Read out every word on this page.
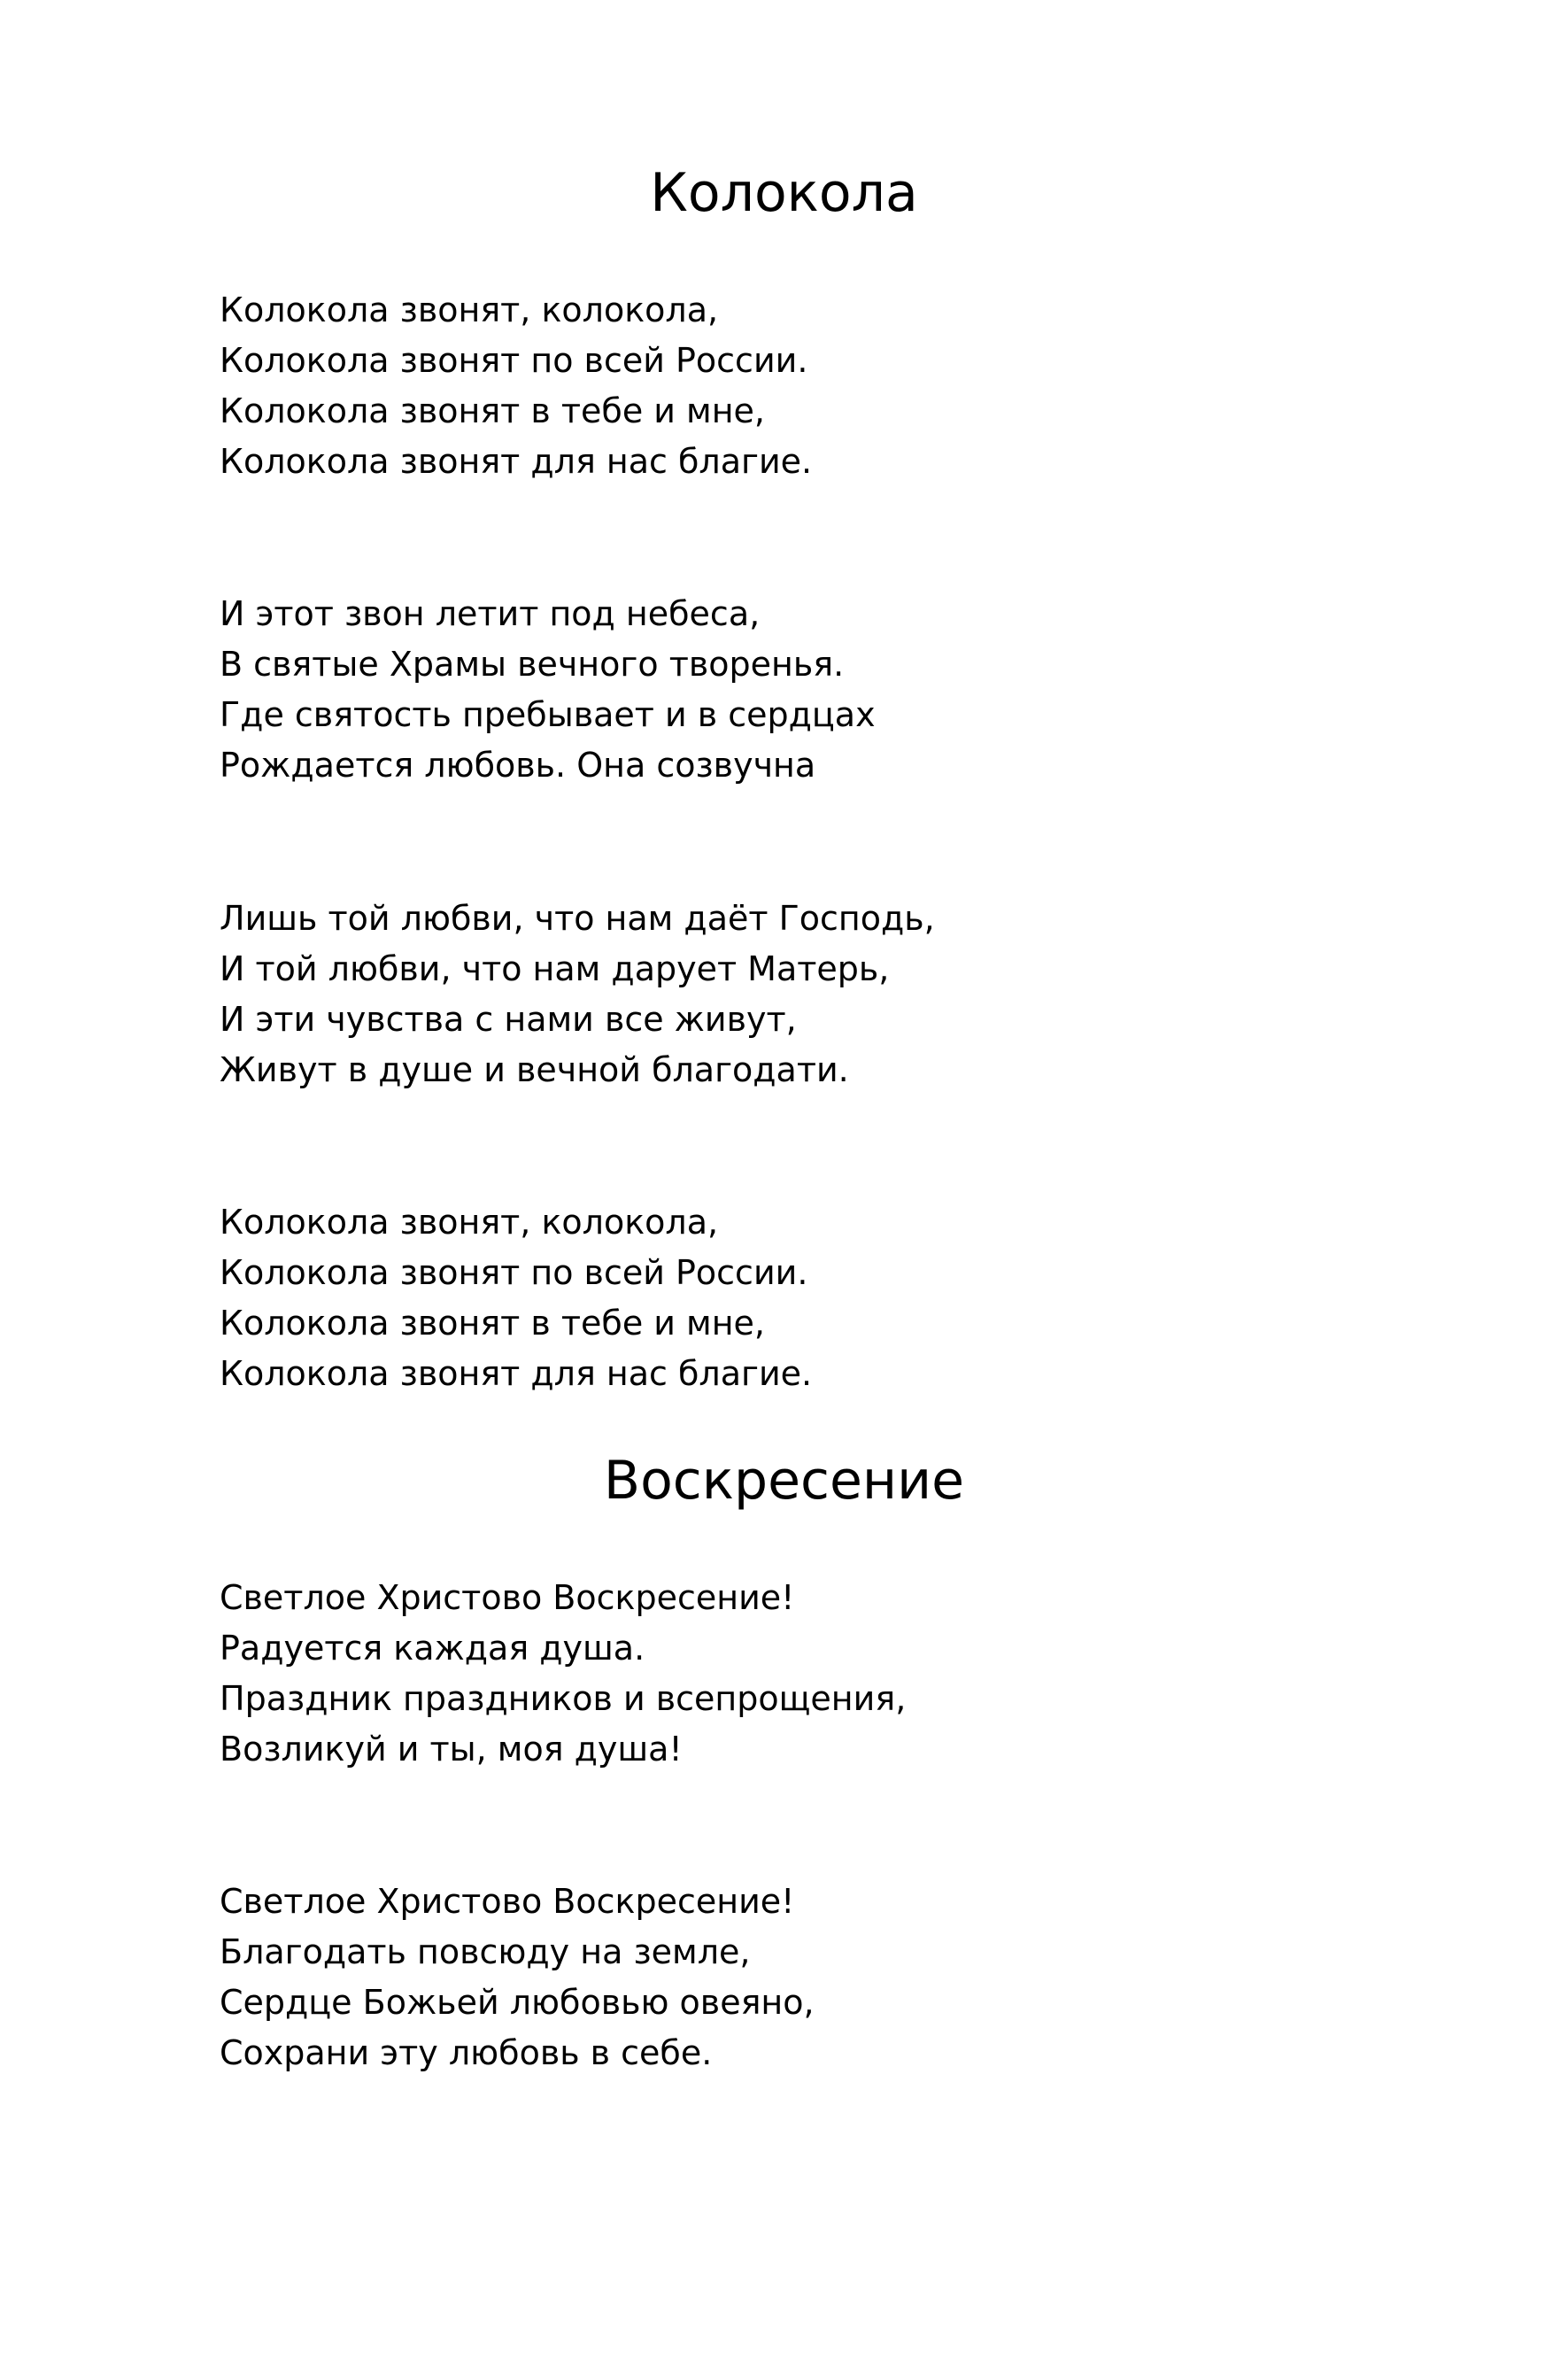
Колокола
Колокола звонят, колокола,
Колокола звонят по всей России.
Колокола звонят в тебе и мне,
Колокола звонят для нас благие.
И этот звон летит под небеса,
В святые Храмы вечного творенья.
Где святость пребывает и в сердцах
Рождается любовь. Она созвучна
Лишь той любви, что нам даёт Господь,
И той любви, что нам дарует Матерь,
И эти чувства с нами все живут,
Живут в душе и вечной благодати.
Колокола звонят, колокола,
Колокола звонят по всей России.
Колокола звонят в тебе и мне,
Колокола звонят для нас благие.
Воскресение
Светлое Христово Воскресение!
Радуется каждая душа.
Праздник праздников и всепрощения,
Возликуй и ты, моя душа!
Светлое Христово Воскресение!
Благодать повсюду на земле,
Сердце Божьей любовью овеяно,
Сохрани эту любовь в себе.
